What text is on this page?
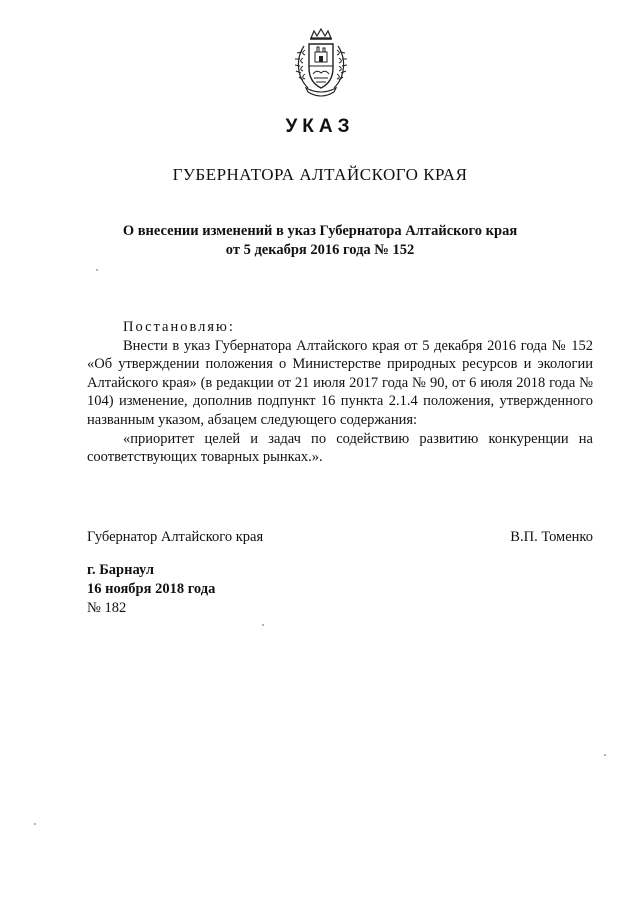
УКАЗ
ГУБЕРНАТОРА АЛТАЙСКОГО КРАЯ
О внесении изменений в указ Губернатора Алтайского края
от 5 декабря 2016 года № 152
Постановляю:

Внести в указ Губернатора Алтайского края от 5 декабря 2016 года № 152 «Об утверждении положения о Министерстве природных ресурсов и экологии Алтайского края» (в редакции от 21 июля 2017 года № 90, от 6 июля 2018 года № 104) изменение, дополнив подпункт 16 пункта 2.1.4 положения, утвержденного названным указом, абзацем следующего содержания:

«приоритет целей и задач по содействию развитию конкуренции на соответствующих товарных рынках.».

Губернатор Алтайского края	В.П. Томенко
г. Барнаул
16 ноября 2018 года
№ 182
